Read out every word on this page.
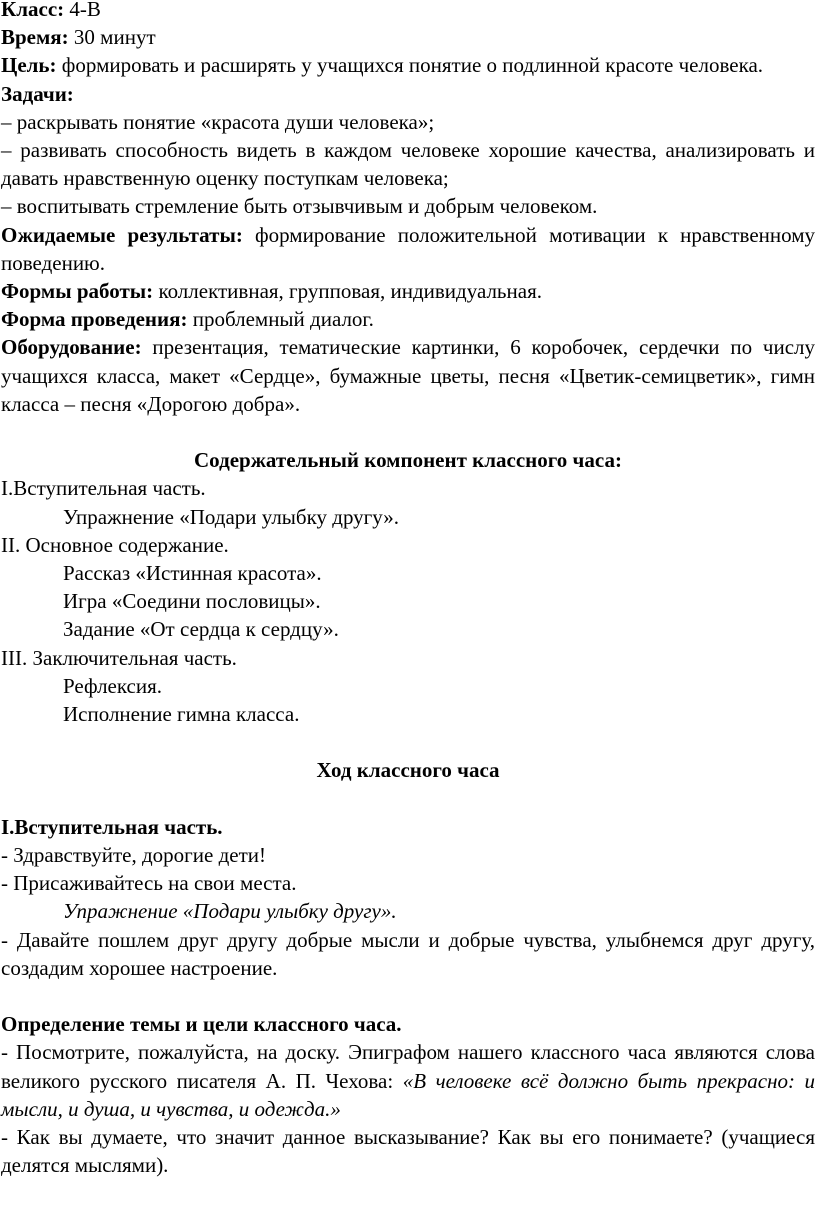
Класс: 4-В

Время: 30 минут

Цель: формировать и расширять у учащихся понятие о подлинной красоте человека.

Задачи:

– раскрывать понятие «красота души человека»;

– развивать способность видеть в каждом человеке хорошие качества, анализировать и давать нравственную оценку поступкам человека;

– воспитывать стремление быть отзывчивым и добрым человеком.

Ожидаемые результаты: формирование положительной мотивации к нравственному поведению.

Формы работы: коллективная, групповая, индивидуальная.

Форма проведения: проблемный диалог.

Оборудование: презентация, тематические картинки, 6 коробочек, сердечки по числу учащихся класса, макет «Сердце», бумажные цветы, песня «Цветик-семицветик», гимн класса – песня «Дорогою добра».

Содержательный компонент классного часа:

I.Вступительная часть.

Упражнение «Подари улыбку другу».

II. Основное содержание.

Рассказ «Истинная красота».

Игра «Соедини пословицы».

Задание «От сердца к сердцу».

III. Заключительная часть.

Рефлексия.

Исполнение гимна класса.

Ход классного часа

I.Вступительная часть.

- Здравствуйте, дорогие дети!

- Присаживайтесь на свои места.

Упражнение «Подари улыбку другу».

- Давайте пошлем друг другу добрые мысли и добрые чувства, улыбнемся друг другу, создадим хорошее настроение.

Определение темы и цели классного часа.

- Посмотрите, пожалуйста, на доску. Эпиграфом нашего классного часа являются слова великого русского писателя А. П. Чехова: «В человеке всё должно быть прекрасно: и мысли, и душа, и чувства, и одежда.»

- Как вы думаете, что значит данное высказывание? Как вы его понимаете? (учащиеся делятся мыслями).
